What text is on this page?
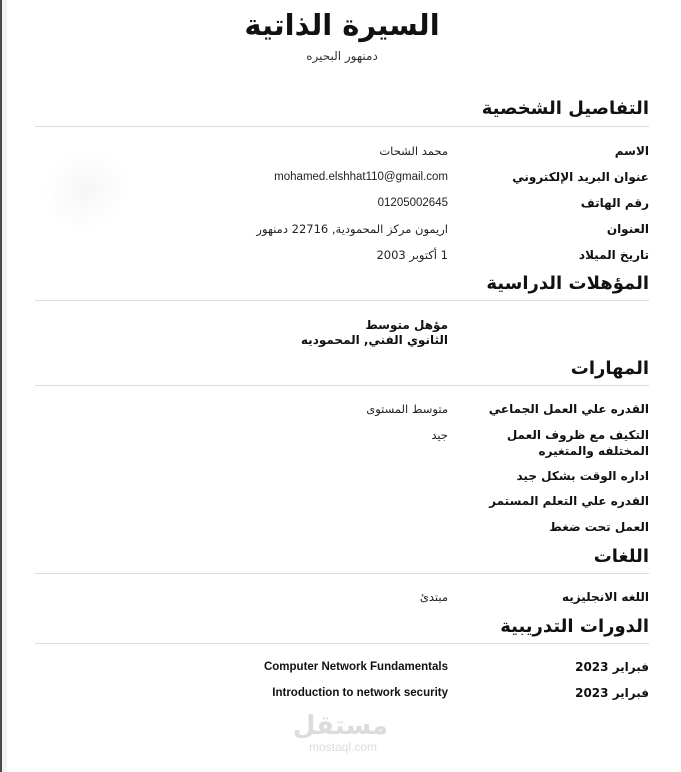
السيرة الذاتية
دمنهور البحيره
التفاصيل الشخصية
الاسم
محمد الشحات
عنوان البريد الإلكتروني
mohamed.elshhat110@gmail.com
رقم الهاتف
01205002645
العنوان
اريمون مركز المحمودية, 22716 دمنهور
تاريخ الميلاد
1 أكتوبر 2003
المؤهلات الدراسية
مؤهل متوسط
الثانوي الفني, المحموديه
المهارات
القدره علي العمل الجماعي
متوسط المستوى
التكيف مع ظروف العمل المختلفه والمتغيره
جيد
اداره الوقت بشكل جيد
القدره علي التعلم المستمر
العمل تحت ضغط
اللغات
اللغه الانجليزيه
مبتدئ
الدورات التدريبية
فبراير 2023
Computer Network Fundamentals
فبراير 2023
Introduction to network security
مستقل
mostaql.com
